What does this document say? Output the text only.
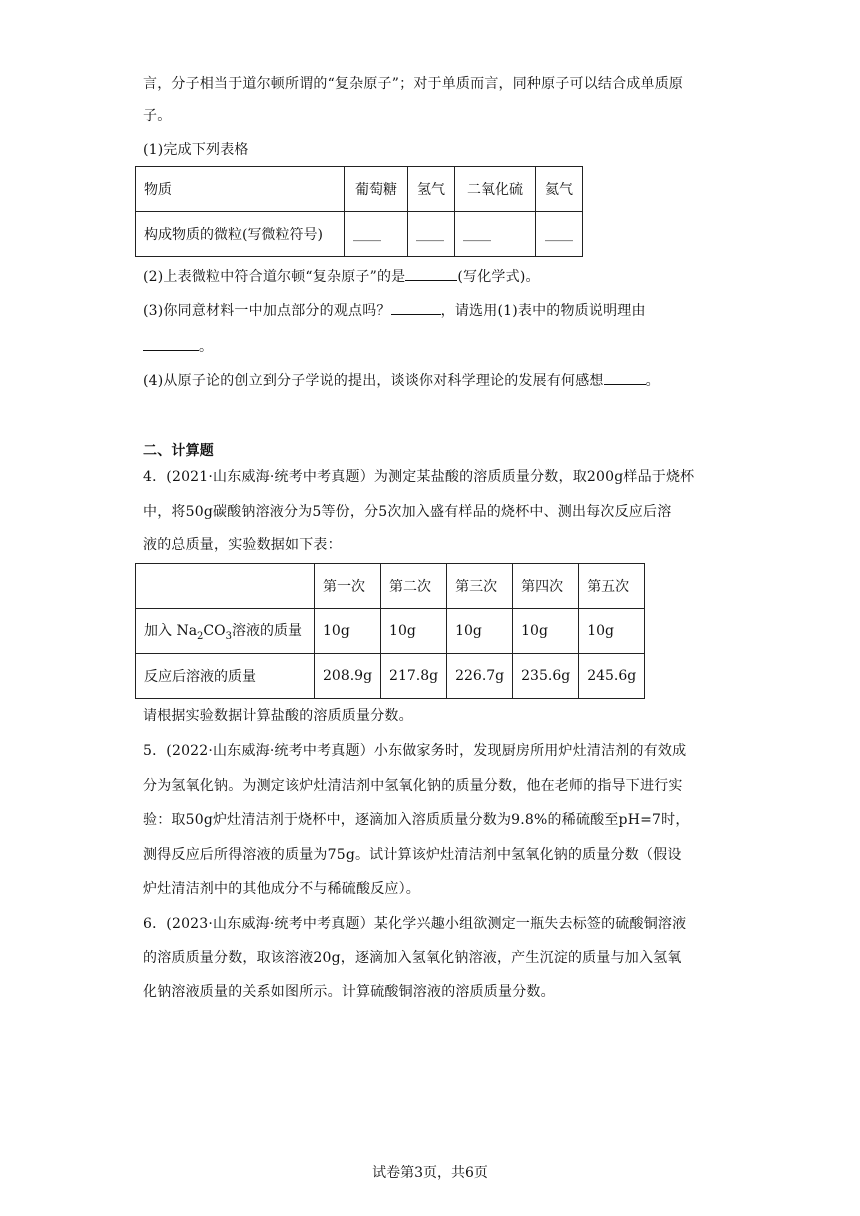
言，分子相当于道尔顿所谓的“复杂原子”；对于单质而言，同种原子可以结合成单质原
子。
(1)完成下列表格
物质	葡萄糖	氢气	二氧化硫	氦气
构成物质的微粒(写微粒符号)	____	____	____	____
(2)上表微粒中符合道尔顿“复杂原子”的是	(写化学式)。
(3)你同意材料一中加点部分的观点吗？	，请选用(1)表中的物质说明理由
。
(4)从原子论的创立到分子学说的提出，谈谈你对科学理论的发展有何感想	。
二、计算题
4．(2021·山东威海·统考中考真题）为测定某盐酸的溶质质量分数，取200g样品于烧杯
中，将50g碳酸钠溶液分为5等份，分5次加入盛有样品的烧杯中、测出每次反应后溶
液的总质量，实验数据如下表：
	第一次	第二次	第三次	第四次	第五次
加入 $Na_2CO_3$溶液的质量	10g	10g	10g	10g	10g
反应后溶液的质量	208.9g	217.8g	226.7g	235.6g	245.6g
请根据实验数据计算盐酸的溶质质量分数。
5．(2022·山东威海·统考中考真题）小东做家务时，发现厨房所用炉灶清洁剂的有效成
分为氢氧化钠。为测定该炉灶清洁剂中氢氧化钠的质量分数，他在老师的指导下进行实
验：取50g炉灶清洁剂于烧杯中，逐滴加入溶质质量分数为9.8%的稀硫酸至pH=7时，
测得反应后所得溶液的质量为75g。试计算该炉灶清洁剂中氢氧化钠的质量分数（假设
炉灶清洁剂中的其他成分不与稀硫酸反应）。
6．(2023·山东威海·统考中考真题）某化学兴趣小组欲测定一瓶失去标签的硫酸铜溶液
的溶质质量分数，取该溶液20g，逐滴加入氢氧化钠溶液，产生沉淀的质量与加入氢氧
化钠溶液质量的关系如图所示。计算硫酸铜溶液的溶质质量分数。
试卷第3页，共6页
